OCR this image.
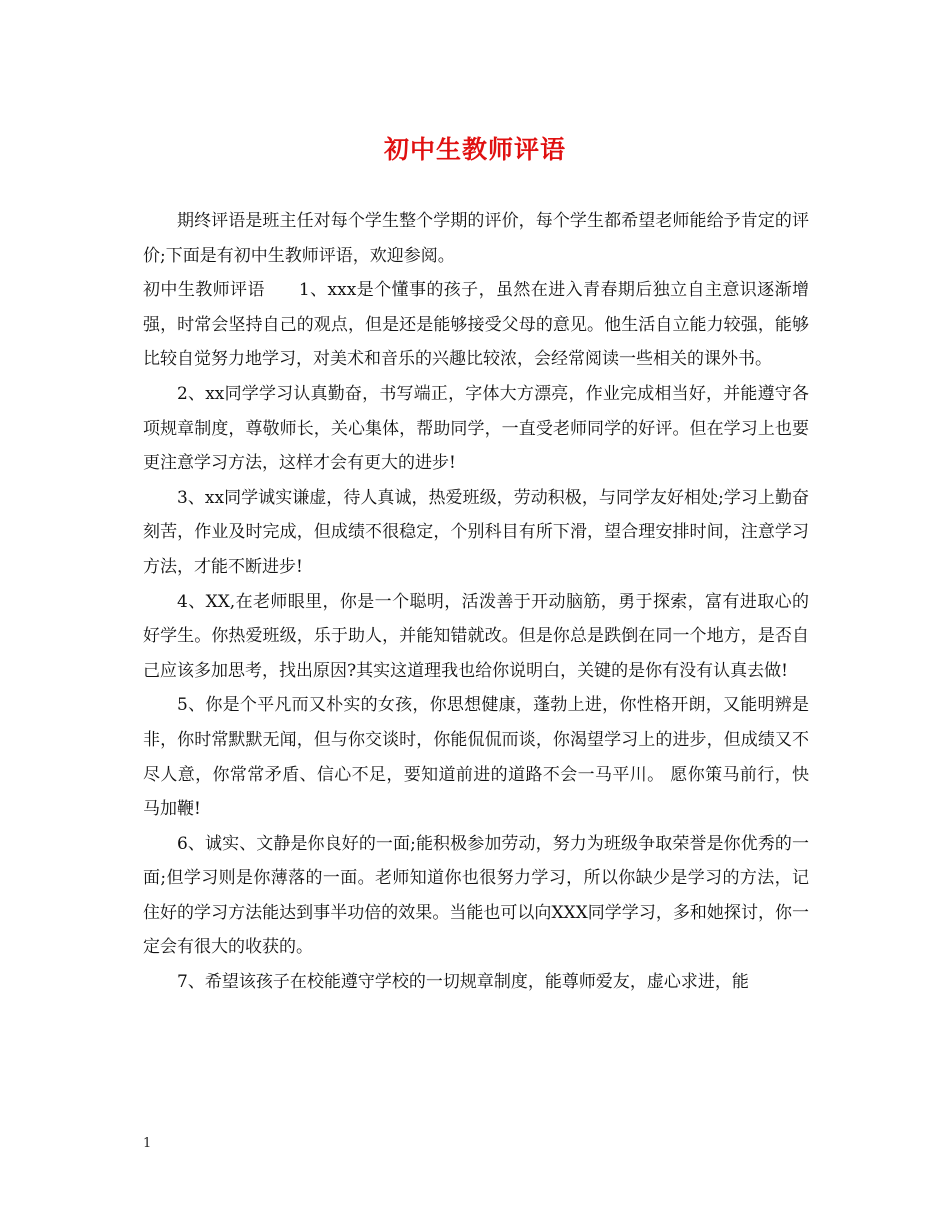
初中生教师评语

期终评语是班主任对每个学生整个学期的评价，每个学生都希望老师能给予肯定的评价;下面是有初中生教师评语，欢迎参阅。

初中生教师评语 1、xxx是个懂事的孩子，虽然在进入青春期后独立自主意识逐渐增强，时常会坚持自己的观点，但是还是能够接受父母的意见。他生活自立能力较强，能够比较自觉努力地学习，对美术和音乐的兴趣比较浓，会经常阅读一些相关的课外书。

2、xx同学学习认真勤奋，书写端正，字体大方漂亮，作业完成相当好，并能遵守各项规章制度，尊敬师长，关心集体，帮助同学，一直受老师同学的好评。但在学习上也要更注意学习方法，这样才会有更大的进步!

3、xx同学诚实谦虚，待人真诚，热爱班级，劳动积极，与同学友好相处;学习上勤奋刻苦，作业及时完成，但成绩不很稳定，个别科目有所下滑，望合理安排时间，注意学习方法，才能不断进步!

4、XX,在老师眼里，你是一个聪明，活泼善于开动脑筋，勇于探索，富有进取心的好学生。你热爱班级，乐于助人，并能知错就改。但是你总是跌倒在同一个地方，是否自己应该多加思考，找出原因?其实这道理我也给你说明白，关键的是你有没有认真去做!

5、你是个平凡而又朴实的女孩，你思想健康，蓬勃上进，你性格开朗，又能明辨是非，你时常默默无闻，但与你交谈时，你能侃侃而谈，你渴望学习上的进步，但成绩又不尽人意，你常常矛盾、信心不足，要知道前进的道路不会一马平川。 愿你策马前行，快马加鞭!

6、诚实、文静是你良好的一面;能积极参加劳动，努力为班级争取荣誉是你优秀的一面;但学习则是你薄落的一面。老师知道你也很努力学习，所以你缺少是学习的方法，记住好的学习方法能达到事半功倍的效果。当能也可以向XXX同学学习，多和她探讨，你一定会有很大的收获的。

7、希望该孩子在校能遵守学校的一切规章制度，能尊师爱友，虚心求进，能

1
